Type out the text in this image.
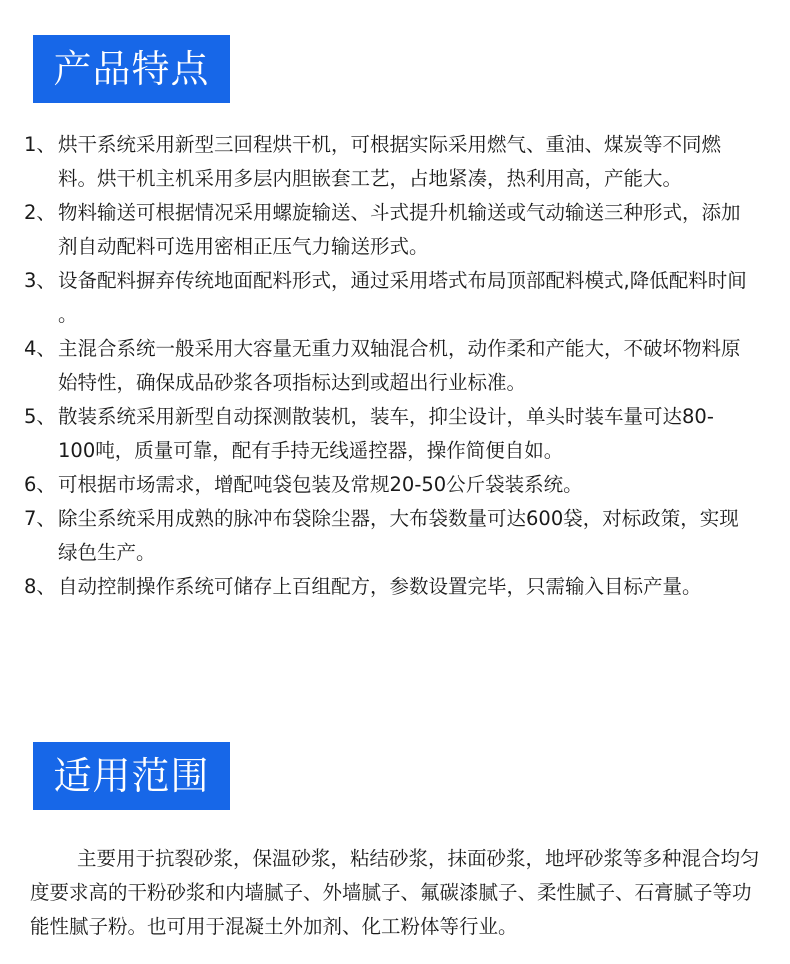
产品特点

1、 烘干系统采用新型三回程烘干机，可根据实际采用燃气、重油、煤炭等不同燃料。烘干机主机采用多层内胆嵌套工艺，占地紧凑，热利用高，产能大。

2、 物料输送可根据情况采用螺旋输送、斗式提升机输送或气动输送三种形式，添加剂自动配料可选用密相正压气力输送形式。

3、 设备配料摒弃传统地面配料形式，通过采用塔式布局顶部配料模式,降低配料时间 。

4、 主混合系统一般采用大容量无重力双轴混合机，动作柔和产能大，不破坏物料原始特性，确保成品砂浆各项指标达到或超出行业标准。

5、 散装系统采用新型自动探测散装机，装车，抑尘设计，单头时装车量可达80-100吨，质量可靠，配有手持无线遥控器，操作简便自如。

6、 可根据市场需求，增配吨袋包装及常规20-50公斤袋装系统。

7、 除尘系统采用成熟的脉冲布袋除尘器，大布袋数量可达600袋，对标政策，实现绿色生产。

8、 自动控制操作系统可储存上百组配方，参数设置完毕，只需输入目标产量。

适用范围

主要用于抗裂砂浆，保温砂浆，粘结砂浆，抹面砂浆，地坪砂浆等多种混合均匀度要求高的干粉砂浆和内墙腻子、外墙腻子、氟碳漆腻子、柔性腻子、石膏腻子等功能性腻子粉。也可用于混凝土外加剂、化工粉体等行业。
